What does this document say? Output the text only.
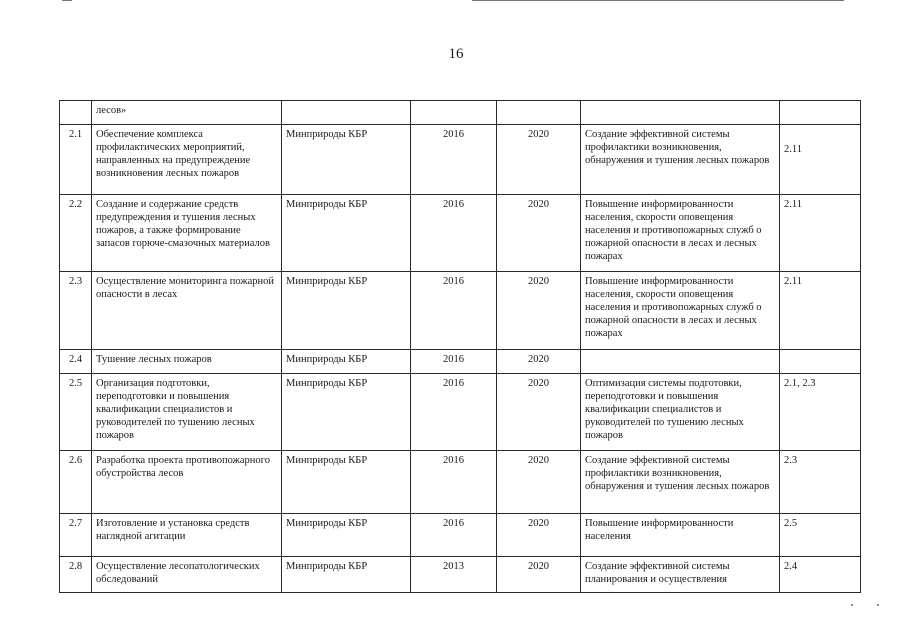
16
	лесов»					
2.1	Обеспечение комплекса профилактических мероприятий, направленных на предупреждение возникновения лесных пожаров	Минприроды КБР	2016	2020	Создание эффективной системы профилактики возникновения, обнаружения и тушения лесных пожаров	2.11
2.2	Создание и содержание средств предупреждения и тушения лесных пожаров, а также формирование запасов горюче-смазочных материалов	Минприроды КБР	2016	2020	Повышение информированности населения, скорости оповещения населения и противопожарных служб о пожарной опасности в лесах и лесных пожарах	2.11
2.3	Осуществление мониторинга пожарной опасности в лесах	Минприроды КБР	2016	2020	Повышение информированности населения, скорости оповещения населения и противопожарных служб о пожарной опасности в лесах и лесных пожарах	2.11
2.4	Тушение лесных пожаров	Минприроды КБР	2016	2020		
2.5	Организация подготовки, переподготовки и повышения квалификации специалистов и руководителей по тушению лесных пожаров	Минприроды КБР	2016	2020	Оптимизация системы подготовки, переподготовки и повышения квалификации специалистов и руководителей по тушению лесных пожаров	2.1, 2.3
2.6	Разработка проекта противопожарного обустройства лесов	Минприроды КБР	2016	2020	Создание эффективной системы профилактики возникновения, обнаружения и тушения лесных пожаров	2.3
2.7	Изготовление и установка средств наглядной агитации	Минприроды КБР	2016	2020	Повышение информированности населения	2.5
2.8	Осуществление лесопатологических обследований	Минприроды КБР	2013	2020	Создание эффективной системы планирования и осуществления	2.4
